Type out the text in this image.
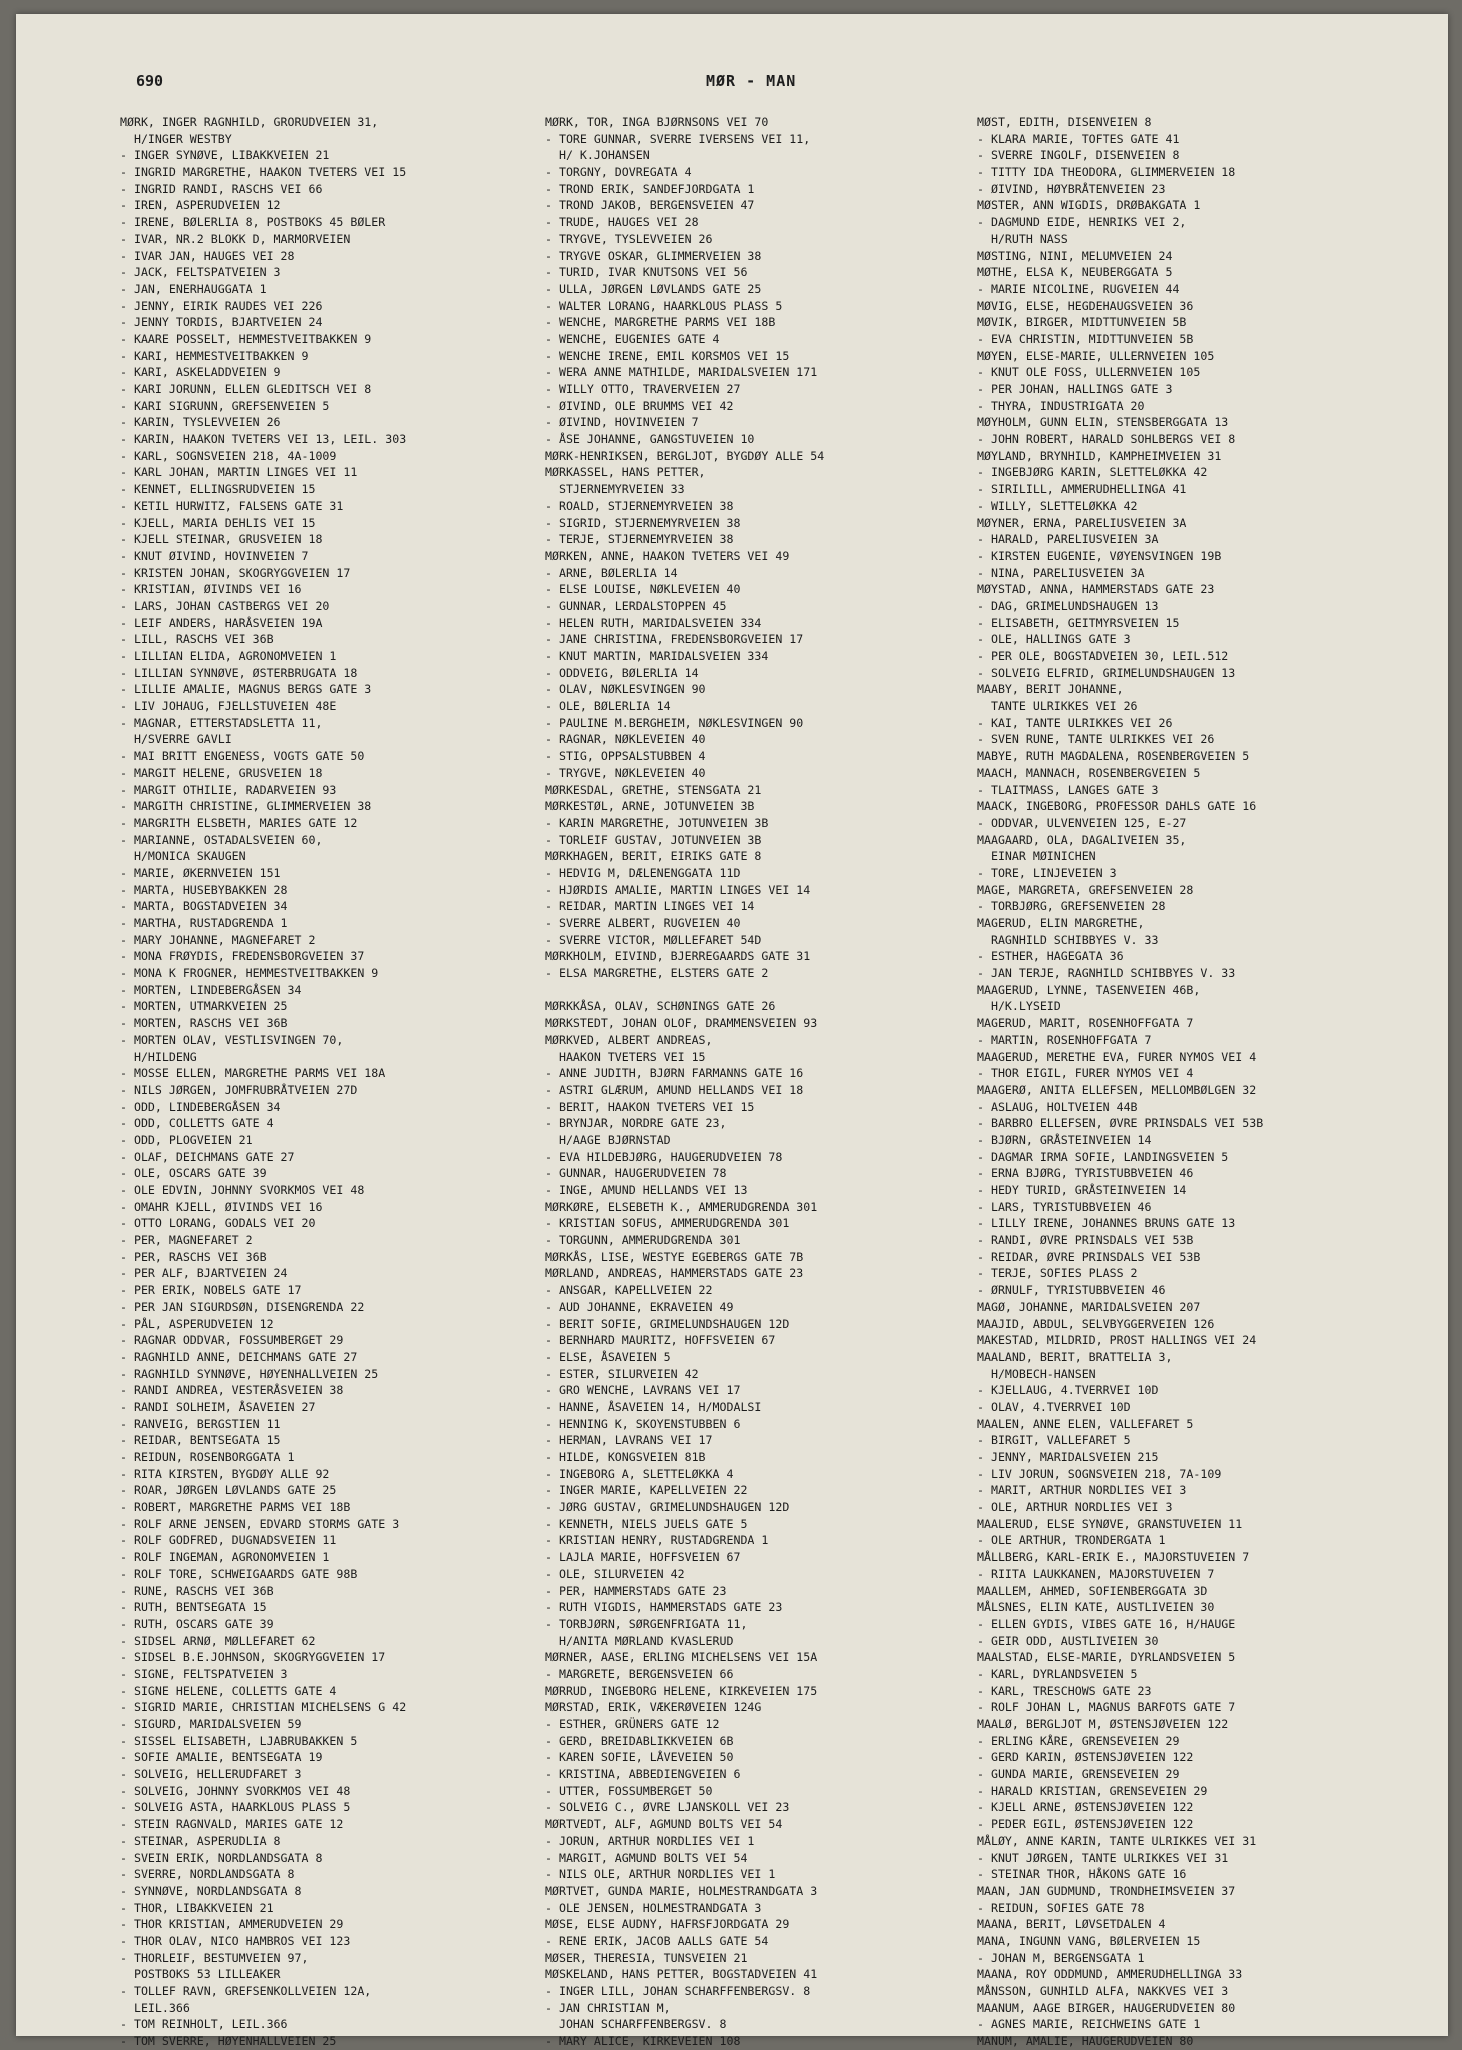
690	MØR - MAN
MØRK, INGER RAGNHILD, GRORUDVEIEN 31,
H/INGER WESTBY
- INGER SYNØVE, LIBAKKVEIEN 21
- INGRID MARGRETHE, HAAKON TVETERS VEI 15
- INGRID RANDI, RASCHS VEI 66
- IREN, ASPERUDVEIEN 12
- IRENE, BØLERLIA 8, POSTBOKS 45 BØLER
- IVAR, NR.2 BLOKK D, MARMORVEIEN
- IVAR JAN, HAUGES VEI 28
- JACK, FELTSPATVEIEN 3
- JAN, ENERHAUGGATA 1
- JENNY, EIRIK RAUDES VEI 226
- JENNY TORDIS, BJARTVEIEN 24
- KAARE POSSELT, HEMMESTVEITBAKKEN 9
- KARI, HEMMESTVEITBAKKEN 9
- KARI, ASKELADDVEIEN 9
- KARI JORUNN, ELLEN GLEDITSCH VEI 8
- KARI SIGRUNN, GREFSENVEIEN 5
- KARIN, TYSLEVVEIEN 26
- KARIN, HAAKON TVETERS VEI 13, LEIL. 303
- KARL, SOGNSVEIEN 218, 4A-1009
- KARL JOHAN, MARTIN LINGES VEI 11
- KENNET, ELLINGSRUDVEIEN 15
- KETIL HURWITZ, FALSENS GATE 31
- KJELL, MARIA DEHLIS VEI 15
- KJELL STEINAR, GRUSVEIEN 18
- KNUT ØIVIND, HOVINVEIEN 7
- KRISTEN JOHAN, SKOGRYGGVEIEN 17
- KRISTIAN, ØIVINDS VEI 16
- LARS, JOHAN CASTBERGS VEI 20
- LEIF ANDERS, HARÅSVEIEN 19A
- LILL, RASCHS VEI 36B
- LILLIAN ELIDA, AGRONOMVEIEN 1
- LILLIAN SYNNØVE, ØSTERBRUGATA 18
- LILLIE AMALIE, MAGNUS BERGS GATE 3
- LIV JOHAUG, FJELLSTUVEIEN 48E
- MAGNAR, ETTERSTADSLETTA 11,
H/SVERRE GAVLI
- MAI BRITT ENGENESS, VOGTS GATE 50
- MARGIT HELENE, GRUSVEIEN 18
- MARGIT OTHILIE, RADARVEIEN 93
- MARGITH CHRISTINE, GLIMMERVEIEN 38
- MARGRITH ELSBETH, MARIES GATE 12
- MARIANNE, OSTADALSVEIEN 60,
H/MONICA SKAUGEN
- MARIE, ØKERNVEIEN 151
- MARTA, HUSEBYBAKKEN 28
- MARTA, BOGSTADVEIEN 34
- MARTHA, RUSTADGRENDA 1
- MARY JOHANNE, MAGNEFARET 2
- MONA FRØYDIS, FREDENSBORGVEIEN 37
- MONA K FROGNER, HEMMESTVEITBAKKEN 9
- MORTEN, LINDEBERGÅSEN 34
- MORTEN, UTMARKVEIEN 25
- MORTEN, RASCHS VEI 36B
- MORTEN OLAV, VESTLISVINGEN 70,
H/HILDENG
- MOSSE ELLEN, MARGRETHE PARMS VEI 18A
- NILS JØRGEN, JOMFRUBRÅTVEIEN 27D
- ODD, LINDEBERGÅSEN 34
- ODD, COLLETTS GATE 4
- ODD, PLOGVEIEN 21
- OLAF, DEICHMANS GATE 27
- OLE, OSCARS GATE 39
- OLE EDVIN, JOHNNY SVORKMOS VEI 48
- OMAHR KJELL, ØIVINDS VEI 16
- OTTO LORANG, GODALS VEI 20
- PER, MAGNEFARET 2
- PER, RASCHS VEI 36B
- PER ALF, BJARTVEIEN 24
- PER ERIK, NOBELS GATE 17
- PER JAN SIGURDSØN, DISENGRENDA 22
- PÅL, ASPERUDVEIEN 12
- RAGNAR ODDVAR, FOSSUMBERGET 29
- RAGNHILD ANNE, DEICHMANS GATE 27
- RAGNHILD SYNNØVE, HØYENHALLVEIEN 25
- RANDI ANDREA, VESTERÅSVEIEN 38
- RANDI SOLHEIM, ÅSAVEIEN 27
- RANVEIG, BERGSTIEN 11
- REIDAR, BENTSEGATA 15
- REIDUN, ROSENBORGGATA 1
- RITA KIRSTEN, BYGDØY ALLE 92
- ROAR, JØRGEN LØVLANDS GATE 25
- ROBERT, MARGRETHE PARMS VEI 18B
- ROLF ARNE JENSEN, EDVARD STORMS GATE 3
- ROLF GODFRED, DUGNADSVEIEN 11
- ROLF INGEMAN, AGRONOMVEIEN 1
- ROLF TORE, SCHWEIGAARDS GATE 98B
- RUNE, RASCHS VEI 36B
- RUTH, BENTSEGATA 15
- RUTH, OSCARS GATE 39
- SIDSEL ARNØ, MØLLEFARET 62
- SIDSEL B.E.JOHNSON, SKOGRYGGVEIEN 17
- SIGNE, FELTSPATVEIEN 3
- SIGNE HELENE, COLLETTS GATE 4
- SIGRID MARIE, CHRISTIAN MICHELSENS G 42
- SIGURD, MARIDALSVEIEN 59
- SISSEL ELISABETH, LJABRUBAKKEN 5
- SOFIE AMALIE, BENTSEGATA 19
- SOLVEIG, HELLERUDFARET 3
- SOLVEIG, JOHNNY SVORKMOS VEI 48
- SOLVEIG ASTA, HAARKLOUS PLASS 5
- STEIN RAGNVALD, MARIES GATE 12
- STEINAR, ASPERUDLIA 8
- SVEIN ERIK, NORDLANDSGATA 8
- SVERRE, NORDLANDSGATA 8
- SYNNØVE, NORDLANDSGATA 8
- THOR, LIBAKKVEIEN 21
- THOR KRISTIAN, AMMERUDVEIEN 29
- THOR OLAV, NICO HAMBROS VEI 123
- THORLEIF, BESTUMVEIEN 97,
POSTBOKS 53 LILLEAKER
- TOLLEF RAVN, GREFSENKOLLVEIEN 12A,
LEIL.366
- TOM REINHOLT, LEIL.366
- TOM SVERRE, HØYENHALLVEIEN 25
MØRK, TOR, INGA BJØRNSONS VEI 70
- TORE GUNNAR, SVERRE IVERSENS VEI 11,
H/ K.JOHANSEN
- TORGNY, DOVREGATA 4
- TROND ERIK, SANDEFJORDGATA 1
- TROND JAKOB, BERGENSVEIEN 47
- TRUDE, HAUGES VEI 28
- TRYGVE, TYSLEVVEIEN 26
- TRYGVE OSKAR, GLIMMERVEIEN 38
- TURID, IVAR KNUTSONS VEI 56
- ULLA, JØRGEN LØVLANDS GATE 25
- WALTER LORANG, HAARKLOUS PLASS 5
- WENCHE, MARGRETHE PARMS VEI 18B
- WENCHE, EUGENIES GATE 4
- WENCHE IRENE, EMIL KORSMOS VEI 15
- WERA ANNE MATHILDE, MARIDALSVEIEN 171
- WILLY OTTO, TRAVERVEIEN 27
- ØIVIND, OLE BRUMMS VEI 42
- ØIVIND, HOVINVEIEN 7
- ÅSE JOHANNE, GANGSTUVEIEN 10
MØRK-HENRIKSEN, BERGLJOT, BYGDØY ALLE 54
MØRKASSEL, HANS PETTER,
STJERNEMYRVEIEN 33
- ROALD, STJERNEMYRVEIEN 38
- SIGRID, STJERNEMYRVEIEN 38
- TERJE, STJERNEMYRVEIEN 38
MØRKEN, ANNE, HAAKON TVETERS VEI 49
- ARNE, BØLERLIA 14
- ELSE LOUISE, NØKLEVEIEN 40
- GUNNAR, LERDALSTOPPEN 45
- HELEN RUTH, MARIDALSVEIEN 334
- JANE CHRISTINA, FREDENSBORGVEIEN 17
- KNUT MARTIN, MARIDALSVEIEN 334
- ODDVEIG, BØLERLIA 14
- OLAV, NØKLESVINGEN 90
- OLE, BØLERLIA 14
- PAULINE M.BERGHEIM, NØKLESVINGEN 90
- RAGNAR, NØKLEVEIEN 40
- STIG, OPPSALSTUBBEN 4
- TRYGVE, NØKLEVEIEN 40
MØRKESDAL, GRETHE, STENSGATA 21
MØRKESTØL, ARNE, JOTUNVEIEN 3B
- KARIN MARGRETHE, JOTUNVEIEN 3B
- TORLEIF GUSTAV, JOTUNVEIEN 3B
MØRKHAGEN, BERIT, EIRIKS GATE 8
- HEDVIG M, DÆLENENGGATA 11D
- HJØRDIS AMALIE, MARTIN LINGES VEI 14
- REIDAR, MARTIN LINGES VEI 14
- SVERRE ALBERT, RUGVEIEN 40
- SVERRE VICTOR, MØLLEFARET 54D
MØRKHOLM, EIVIND, BJERREGAARDS GATE 31
- ELSA MARGRETHE, ELSTERS GATE 2
MØRKKÅSA, OLAV, SCHØNINGS GATE 26
MØRKSTEDT, JOHAN OLOF, DRAMMENSVEIEN 93
MØRKVED, ALBERT ANDREAS,
HAAKON TVETERS VEI 15
- ANNE JUDITH, BJØRN FARMANNS GATE 16
- ASTRI GLÆRUM, AMUND HELLANDS VEI 18
- BERIT, HAAKON TVETERS VEI 15
- BRYNJAR, NORDRE GATE 23,
H/AAGE BJØRNSTAD
- EVA HILDEBJØRG, HAUGERUDVEIEN 78
- GUNNAR, HAUGERUDVEIEN 78
- INGE, AMUND HELLANDS VEI 13
MØRKØRE, ELSEBETH K., AMMERUDGRENDA 301
- KRISTIAN SOFUS, AMMERUDGRENDA 301
- TORGUNN, AMMERUDGRENDA 301
MØRKÅS, LISE, WESTYE EGEBERGS GATE 7B
MØRLAND, ANDREAS, HAMMERSTADS GATE 23
- ANSGAR, KAPELLVEIEN 22
- AUD JOHANNE, EKRAVEIEN 49
- BERIT SOFIE, GRIMELUNDSHAUGEN 12D
- BERNHARD MAURITZ, HOFFSVEIEN 67
- ELSE, ÅSAVEIEN 5
- ESTER, SILURVEIEN 42
- GRO WENCHE, LAVRANS VEI 17
- HANNE, ÅSAVEIEN 14, H/MODALSI
- HENNING K, SKOYENSTUBBEN 6
- HERMAN, LAVRANS VEI 17
- HILDE, KONGSVEIEN 81B
- INGEBORG A, SLETTELØKKA 4
- INGER MARIE, KAPELLVEIEN 22
- JØRG GUSTAV, GRIMELUNDSHAUGEN 12D
- KENNETH, NIELS JUELS GATE 5
- KRISTIAN HENRY, RUSTADGRENDA 1
- LAJLA MARIE, HOFFSVEIEN 67
- OLE, SILURVEIEN 42
- PER, HAMMERSTADS GATE 23
- RUTH VIGDIS, HAMMERSTADS GATE 23
- TORBJØRN, SØRGENFRIGATA 11,
H/ANITA MØRLAND KVASLERUD
MØRNER, AASE, ERLING MICHELSENS VEI 15A
- MARGRETE, BERGENSVEIEN 66
MØRRUD, INGEBORG HELENE, KIRKEVEIEN 175
MØRSTAD, ERIK, VÆKERØVEIEN 124G
- ESTHER, GRÜNERS GATE 12
- GERD, BREIDABLIKKVEIEN 6B
- KAREN SOFIE, LÅVEVEIEN 50
- KRISTINA, ABBEDIENGVEIEN 6
- UTTER, FOSSUMBERGET 50
- SOLVEIG C., ØVRE LJANSKOLL VEI 23
MØRTVEDT, ALF, AGMUND BOLTS VEI 54
- JORUN, ARTHUR NORDLIES VEI 1
- MARGIT, AGMUND BOLTS VEI 54
- NILS OLE, ARTHUR NORDLIES VEI 1
MØRTVET, GUNDA MARIE, HOLMESTRANDGATA 3
- OLE JENSEN, HOLMESTRANDGATA 3
MØSE, ELSE AUDNY, HAFRSFJORDGATA 29
- RENE ERIK, JACOB AALLS GATE 54
MØSER, THERESIA, TUNSVEIEN 21
MØSKELAND, HANS PETTER, BOGSTADVEIEN 41
- INGER LILL, JOHAN SCHARFFENBERGSV. 8
- JAN CHRISTIAN M,
JOHAN SCHARFFENBERGSV. 8
- MARY ALICE, KIRKEVEIEN 108
MØST, EDITH, DISENVEIEN 8
- KLARA MARIE, TOFTES GATE 41
- SVERRE INGOLF, DISENVEIEN 8
- TITTY IDA THEODORA, GLIMMERVEIEN 18
- ØIVIND, HØYBRÅTENVEIEN 23
MØSTER, ANN WIGDIS, DRØBAKGATA 1
- DAGMUND EIDE, HENRIKS VEI 2,
H/RUTH NASS
MØSTING, NINI, MELUMVEIEN 24
MØTHE, ELSA K, NEUBERGGATA 5
- MARIE NICOLINE, RUGVEIEN 44
MØVIG, ELSE, HEGDEHAUGSVEIEN 36
MØVIK, BIRGER, MIDTTUNVEIEN 5B
- EVA CHRISTIN, MIDTTUNVEIEN 5B
MØYEN, ELSE-MARIE, ULLERNVEIEN 105
- KNUT OLE FOSS, ULLERNVEIEN 105
- PER JOHAN, HALLINGS GATE 3
- THYRA, INDUSTRIGATA 20
MØYHOLM, GUNN ELIN, STENSBERGGATA 13
- JOHN ROBERT, HARALD SOHLBERGS VEI 8
MØYLAND, BRYNHILD, KAMPHEIMVEIEN 31
- INGEBJØRG KARIN, SLETTELØKKA 42
- SIRILILL, AMMERUDHELLINGA 41
- WILLY, SLETTELØKKA 42
MØYNER, ERNA, PARELIUSVEIEN 3A
- HARALD, PARELIUSVEIEN 3A
- KIRSTEN EUGENIE, VØYENSVINGEN 19B
- NINA, PARELIUSVEIEN 3A
MØYSTAD, ANNA, HAMMERSTADS GATE 23
- DAG, GRIMELUNDSHAUGEN 13
- ELISABETH, GEITMYRSVEIEN 15
- OLE, HALLINGS GATE 3
- PER OLE, BOGSTADVEIEN 30, LEIL.512
- SOLVEIG ELFRID, GRIMELUNDSHAUGEN 13
MAABY, BERIT JOHANNE,
TANTE ULRIKKES VEI 26
- KAI, TANTE ULRIKKES VEI 26
- SVEN RUNE, TANTE ULRIKKES VEI 26
MABYE, RUTH MAGDALENA, ROSENBERGVEIEN 5
MAACH, MANNACH, ROSENBERGVEIEN 5
- TLAITMASS, LANGES GATE 3
MAACK, INGEBORG, PROFESSOR DAHLS GATE 16
- ODDVAR, ULVENVEIEN 125, E-27
MAAGAARD, OLA, DAGALIVEIEN 35,
EINAR MØINICHEN
- TORE, LINJEVEIEN 3
MAGE, MARGRETA, GREFSENVEIEN 28
- TORBJØRG, GREFSENVEIEN 28
MAGERUD, ELIN MARGRETHE,
RAGNHILD SCHIBBYES V. 33
- ESTHER, HAGEGATA 36
- JAN TERJE, RAGNHILD SCHIBBYES V. 33
MAAGERUD, LYNNE, TASENVEIEN 46B,
H/K.LYSEID
MAGERUD, MARIT, ROSENHOFFGATA 7
- MARTIN, ROSENHOFFGATA 7
MAAGERUD, MERETHE EVA, FURER NYMOS VEI 4
- THOR EIGIL, FURER NYMOS VEI 4
MAAGERØ, ANITA ELLEFSEN, MELLOMBØLGEN 32
- ASLAUG, HOLTVEIEN 44B
- BARBRO ELLEFSEN, ØVRE PRINSDALS VEI 53B
- BJØRN, GRÅSTEINVEIEN 14
- DAGMAR IRMA SOFIE, LANDINGSVEIEN 5
- ERNA BJØRG, TYRISTUBBVEIEN 46
- HEDY TURID, GRÅSTEINVEIEN 14
- LARS, TYRISTUBBVEIEN 46
- LILLY IRENE, JOHANNES BRUNS GATE 13
- RANDI, ØVRE PRINSDALS VEI 53B
- REIDAR, ØVRE PRINSDALS VEI 53B
- TERJE, SOFIES PLASS 2
- ØRNULF, TYRISTUBBVEIEN 46
MAGØ, JOHANNE, MARIDALSVEIEN 207
MAAJID, ABDUL, SELVBYGGERVEIEN 126
MAKESTAD, MILDRID, PROST HALLINGS VEI 24
MAALAND, BERIT, BRATTELIA 3,
H/MOBECH-HANSEN
- KJELLAUG, 4.TVERRVEI 10D
- OLAV, 4.TVERRVEI 10D
MAALEN, ANNE ELEN, VALLEFARET 5
- BIRGIT, VALLEFARET 5
- JENNY, MARIDALSVEIEN 215
- LIV JORUN, SOGNSVEIEN 218, 7A-109
- MARIT, ARTHUR NORDLIES VEI 3
- OLE, ARTHUR NORDLIES VEI 3
MAALERUD, ELSE SYNØVE, GRANSTUVEIEN 11
- OLE ARTHUR, TRONDERGATA 1
MÅLLBERG, KARL-ERIK E., MAJORSTUVEIEN 7
- RIITA LAUKKANEN, MAJORSTUVEIEN 7
MAALLEM, AHMED, SOFIENBERGGATA 3D
MÅLSNES, ELIN KATE, AUSTLIVEIEN 30
- ELLEN GYDIS, VIBES GATE 16, H/HAUGE
- GEIR ODD, AUSTLIVEIEN 30
MAALSTAD, ELSE-MARIE, DYRLANDSVEIEN 5
- KARL, DYRLANDSVEIEN 5
- KARL, TRESCHOWS GATE 23
- ROLF JOHAN L, MAGNUS BARFOTS GATE 7
MAALØ, BERGLJOT M, ØSTENSJØVEIEN 122
- ERLING KÅRE, GRENSEVEIEN 29
- GERD KARIN, ØSTENSJØVEIEN 122
- GUNDA MARIE, GRENSEVEIEN 29
- HARALD KRISTIAN, GRENSEVEIEN 29
- KJELL ARNE, ØSTENSJØVEIEN 122
- PEDER EGIL, ØSTENSJØVEIEN 122
MÅLØY, ANNE KARIN, TANTE ULRIKKES VEI 31
- KNUT JØRGEN, TANTE ULRIKKES VEI 31
- STEINAR THOR, HÅKONS GATE 16
MAAN, JAN GUDMUND, TRONDHEIMSVEIEN 37
- REIDUN, SOFIES GATE 78
MAANA, BERIT, LØVSETDALEN 4
MANA, INGUNN VANG, BØLERVEIEN 15
- JOHAN M, BERGENSGATA 1
MAANA, ROY ODDMUND, AMMERUDHELLINGA 33
MÅNSSON, GUNHILD ALFA, NAKKVES VEI 3
MAANUM, AAGE BIRGER, HAUGERUDVEIEN 80
- AGNES MARIE, REICHWEINS GATE 1
MANUM, AMALIE, HAUGERUDVEIEN 80
